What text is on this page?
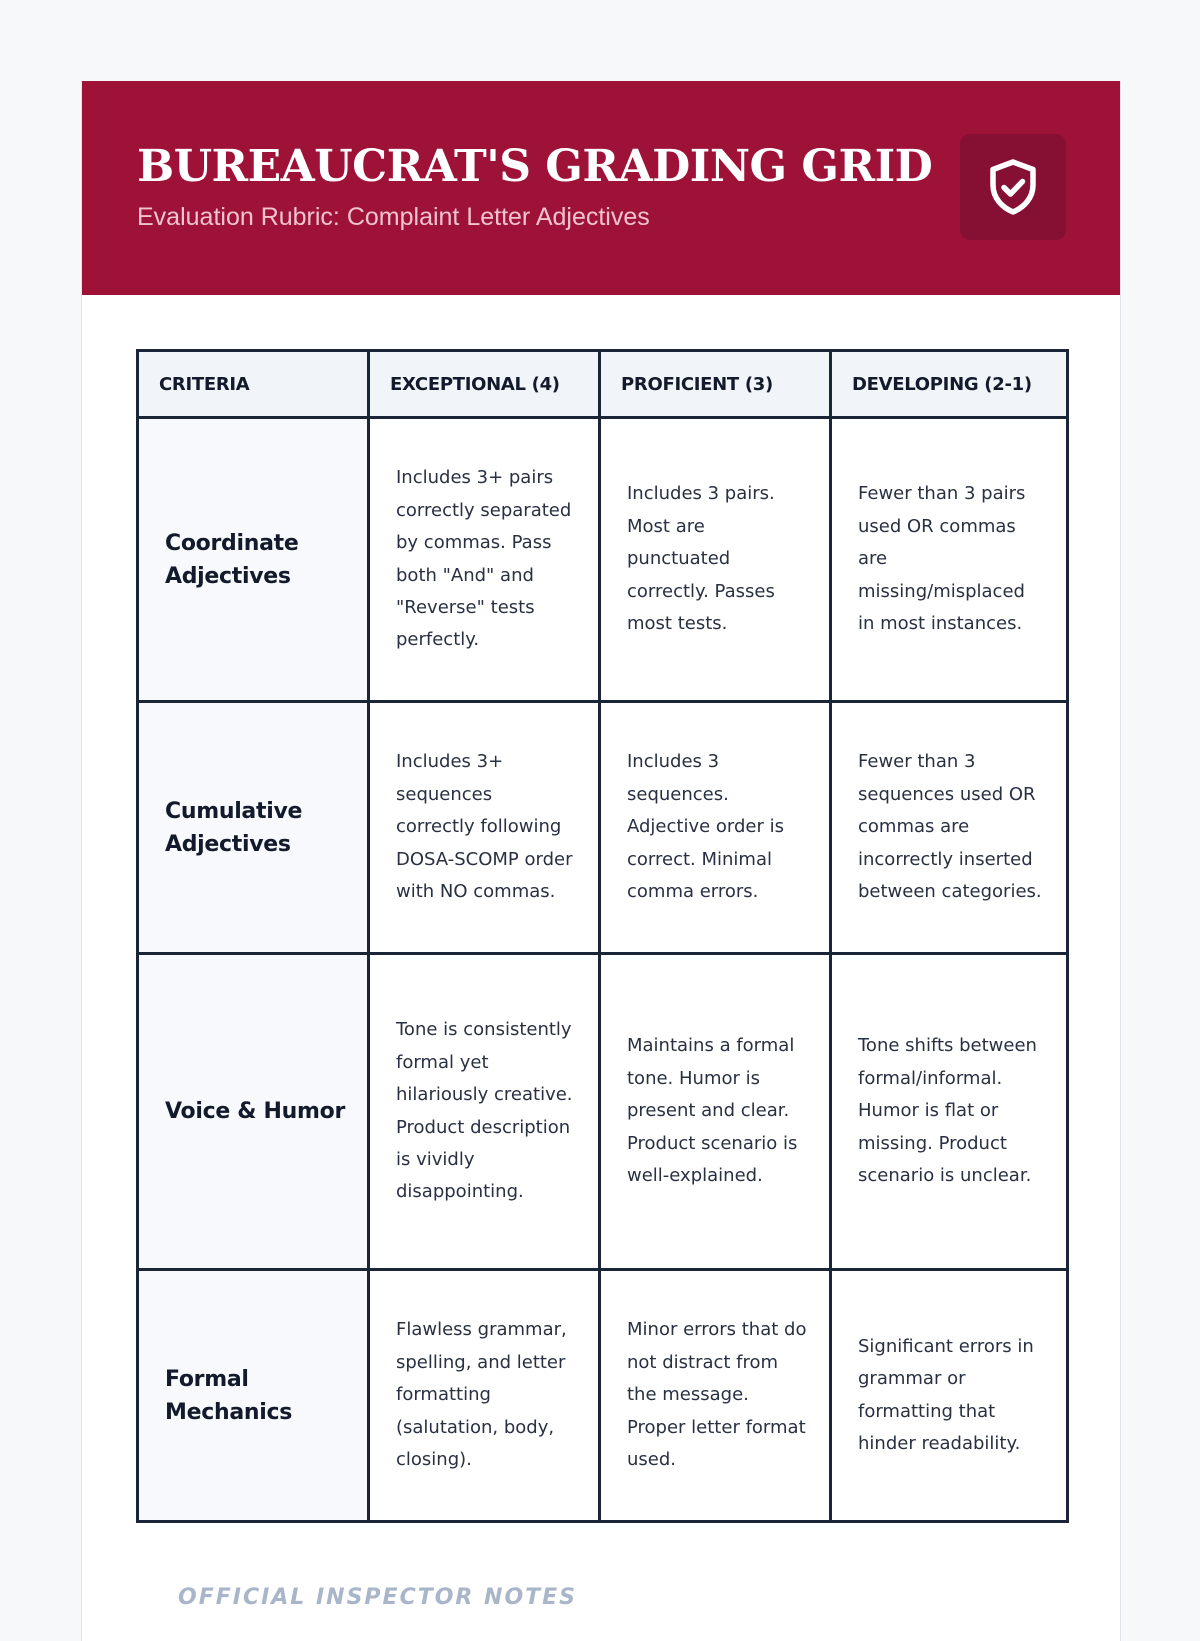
BUREAUCRAT'S GRADING GRID
Evaluation Rubric: Complaint Letter Adjectives
CRITERIA	EXCEPTIONAL (4)	PROFICIENT (3)	DEVELOPING (2-1)
Coordinate Adjectives	Includes 3+ pairs correctly separated by commas. Pass both "And" and "Reverse" tests perfectly.	Includes 3 pairs. Most are punctuated correctly. Passes most tests.	Fewer than 3 pairs used OR commas are missing/misplaced in most instances.
Cumulative Adjectives	Includes 3+ sequences correctly following DOSA-SCOMP order with NO commas.	Includes 3 sequences. Adjective order is correct. Minimal comma errors.	Fewer than 3 sequences used OR commas are incorrectly inserted between categories.
Voice & Humor	Tone is consistently formal yet hilariously creative. Product description is vividly disappointing.	Maintains a formal tone. Humor is present and clear. Product scenario is well-explained.	Tone shifts between formal/informal. Humor is flat or missing. Product scenario is unclear.
Formal Mechanics	Flawless grammar, spelling, and letter formatting (salutation, body, closing).	Minor errors that do not distract from the message. Proper letter format used.	Significant errors in grammar or formatting that hinder readability.
OFFICIAL INSPECTOR NOTES
